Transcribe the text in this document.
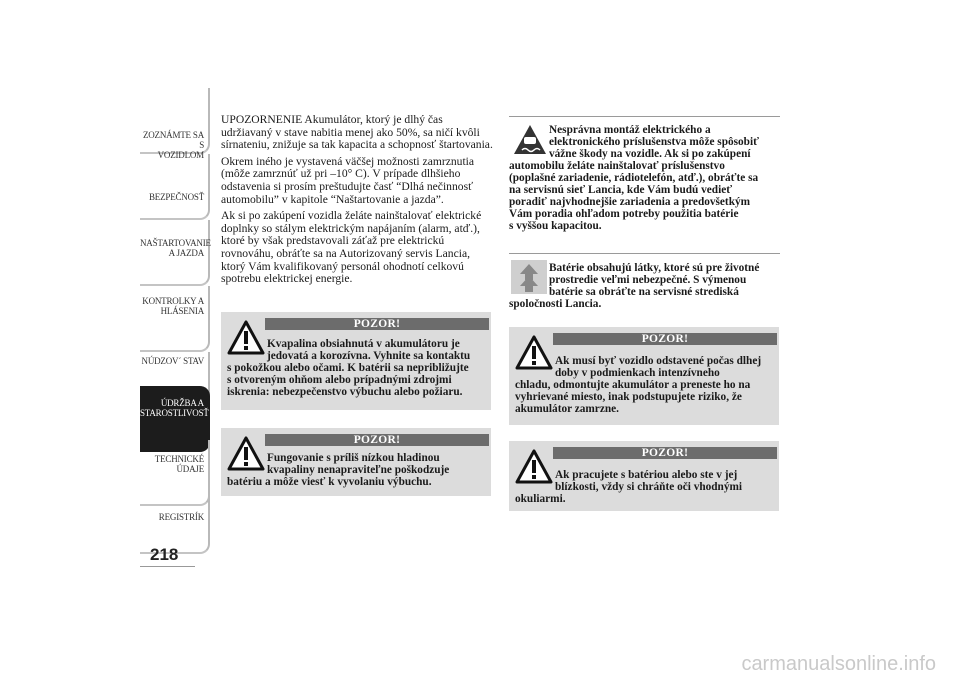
ZOZNÁMTE SA S
VOZIDLOM
BEZPEČNOSŤ
NAŠTARTOVANIE
A JAZDA
KONTROLKY A
HLÁSENIA
NÚDZOV´ STAV
ÚDRŽBA A
STAROSTLIVOSŤ
TECHNICKÉ
ÚDAJE
REGISTRÍK
218

UPOZORNENIE Akumulátor, ktorý je dlhý čas udržiavaný v stave nabitia menej ako 50%, sa ničí kvôli sírnateniu, znižuje sa tak kapacita a schopnosť štartovania.

Okrem iného je vystavená väčšej možnosti zamrznutia (môže zamrznúť už pri –10° C). V prípade dlhšieho odstavenia si prosím preštudujte časť “Dlhá nečinnosť automobilu” v kapitole “Naštartovanie a jazda”.

Ak si po zakúpení vozidla želáte nainštalovať elektrické doplnky so stálym elektrickým napájaním (alarm, atď.), ktoré by však predstavovali záťaž pre elektrickú rovnováhu, obráťte sa na Autorizovaný servis Lancia, ktorý Vám kvalifikovaný personál ohodnotí celkovú spotrebu elektrickej energie.

POZOR!
Kvapalina obsiahnutá v akumulátoru je
jedovatá a korozívna. Vyhnite sa kontaktu
s pokožkou alebo očami. K batérii sa nepribližujte
s otvoreným ohňom alebo prípadnými zdrojmi
iskrenia: nebezpečenstvo výbuchu alebo požiaru.
POZOR!
Fungovanie s príliš nízkou hladinou
kvapaliny nenapraviteľne poškodzuje
batériu a môže viesť k vyvolaniu výbuchu.
Nesprávna montáž elektrického a
elektronického príslušenstva môže spôsobiť
vážne škody na vozidle. Ak si po zakúpení
automobilu želáte nainštalovať príslušenstvo
(poplašné zariadenie, rádiotelefón, atď.), obráťte sa
na servisnú sieť Lancia, kde Vám budú vedieť
poradiť najvhodnejšie zariadenia a predovšetkým
Vám poradia ohľadom potreby použitia batérie
s vyššou kapacitou.
Batérie obsahujú látky, ktoré sú pre životné
prostredie veľmi nebezpečné. S výmenou
batérie sa obráťte na servisné strediská
spoločnosti Lancia.
POZOR!
Ak musí byť vozidlo odstavené počas dlhej
doby v podmienkach intenzívneho
chladu, odmontujte akumulátor a preneste ho na
vyhrievané miesto, inak podstupujete riziko, že
akumulátor zamrzne.
POZOR!
Ak pracujete s batériou alebo ste v jej
blízkosti, vždy si chráňte oči vhodnými
okuliarmi.
carmanualsonline.info
